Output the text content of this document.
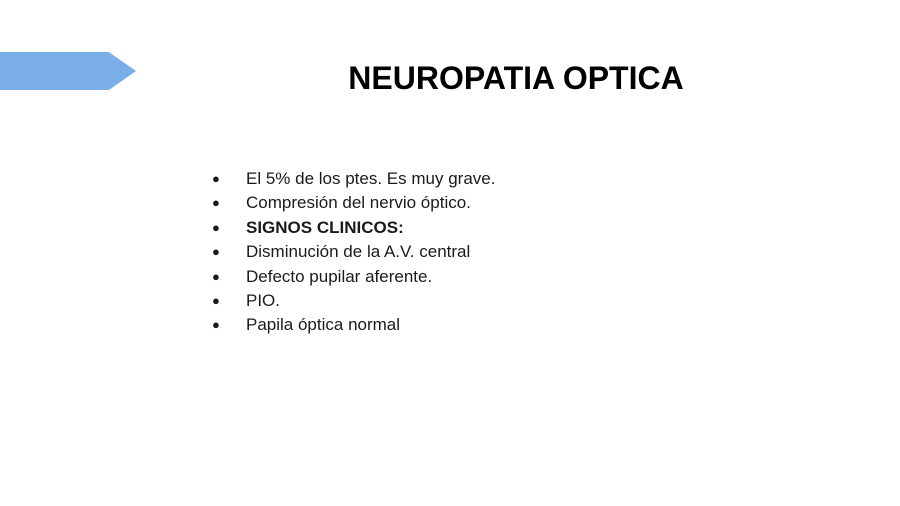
NEUROPATIA OPTICA
●	El 5% de los ptes. Es muy grave.
●	Compresión del nervio óptico.
●	SIGNOS CLINICOS:
●	Disminución de la A.V. central
●	Defecto pupilar aferente.
●	PIO.
●	Papila óptica normal
